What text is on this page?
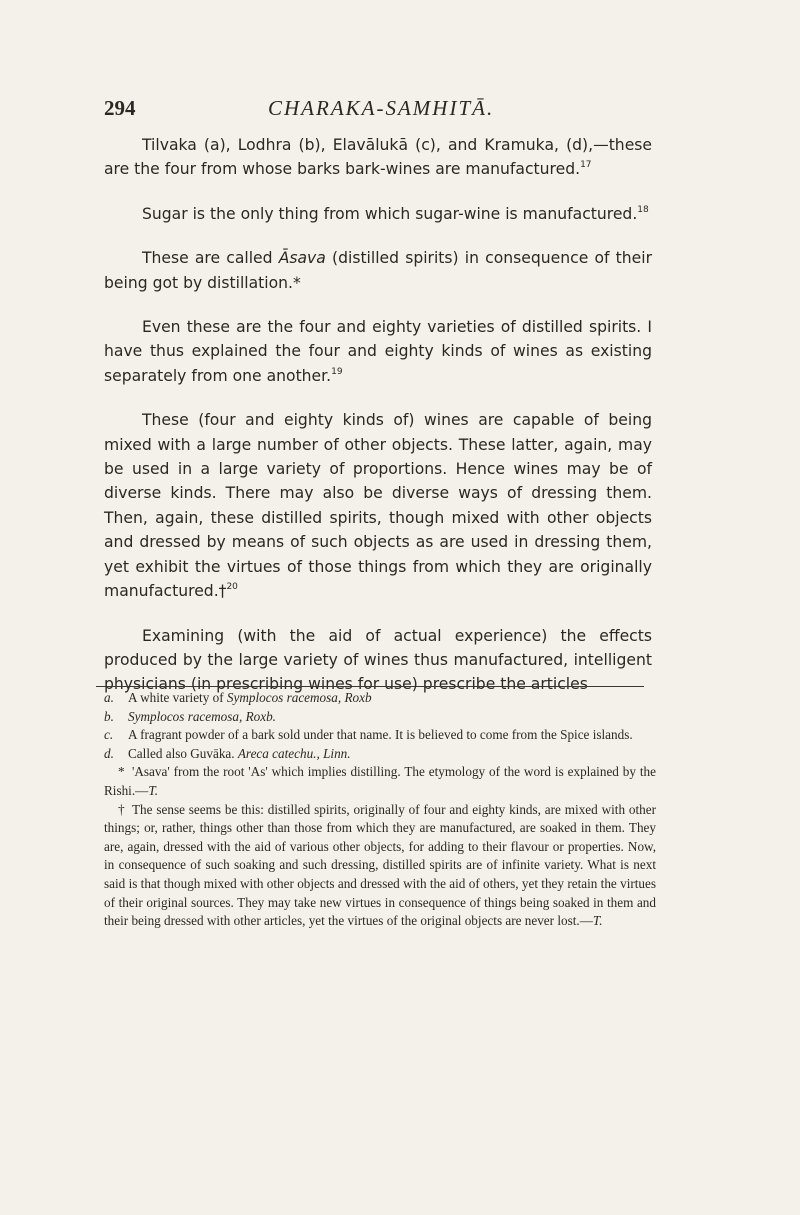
294	CHARAKA-SAMHITĀ.

Tilvaka (a), Lodhra (b), Elavālukā (c), and Kramuka, (d),—these are the four from whose barks bark-wines are manufactured.$^{17}$

Sugar is the only thing from which sugar-wine is manufactured.$^{18}$

These are called Āsava (distilled spirits) in consequence of their being got by distillation.*

Even these are the four and eighty varieties of distilled spirits. I have thus explained the four and eighty kinds of wines as existing separately from one another.$^{19}$

These (four and eighty kinds of) wines are capable of being mixed with a large number of other objects. These latter, again, may be used in a large variety of proportions. Hence wines may be of diverse kinds. There may also be diverse ways of dressing them. Then, again, these distilled spirits, though mixed with other objects and dressed by means of such objects as are used in dressing them, yet exhibit the virtues of those things from which they are originally manufactured.†$^{20}$

Examining (with the aid of actual experience) the effects produced by the large variety of wines thus manufactured, intelligent physicians (in prescribing wines for use) prescribe the articles

a. A white variety of Symplocos racemosa, Roxb

b. Symplocos racemosa, Roxb.

c. A fragrant powder of a bark sold under that name. It is believed to come from the Spice islands.

d. Called also Guvāka. Areca catechu., Linn.

* 'Asava' from the root 'As' which implies distilling. The etymology of the word is explained by the Rishi.—T.

† The sense seems be this: distilled spirits, originally of four and eighty kinds, are mixed with other things; or, rather, things other than those from which they are manufactured, are soaked in them. They are, again, dressed with the aid of various other objects, for adding to their flavour or properties. Now, in consequence of such soaking and such dressing, distilled spirits are of infinite variety. What is next said is that though mixed with other objects and dressed with the aid of others, yet they retain the virtues of their original sources. They may take new virtues in consequence of things being soaked in them and their being dressed with other articles, yet the virtues of the original objects are never lost.—T.
